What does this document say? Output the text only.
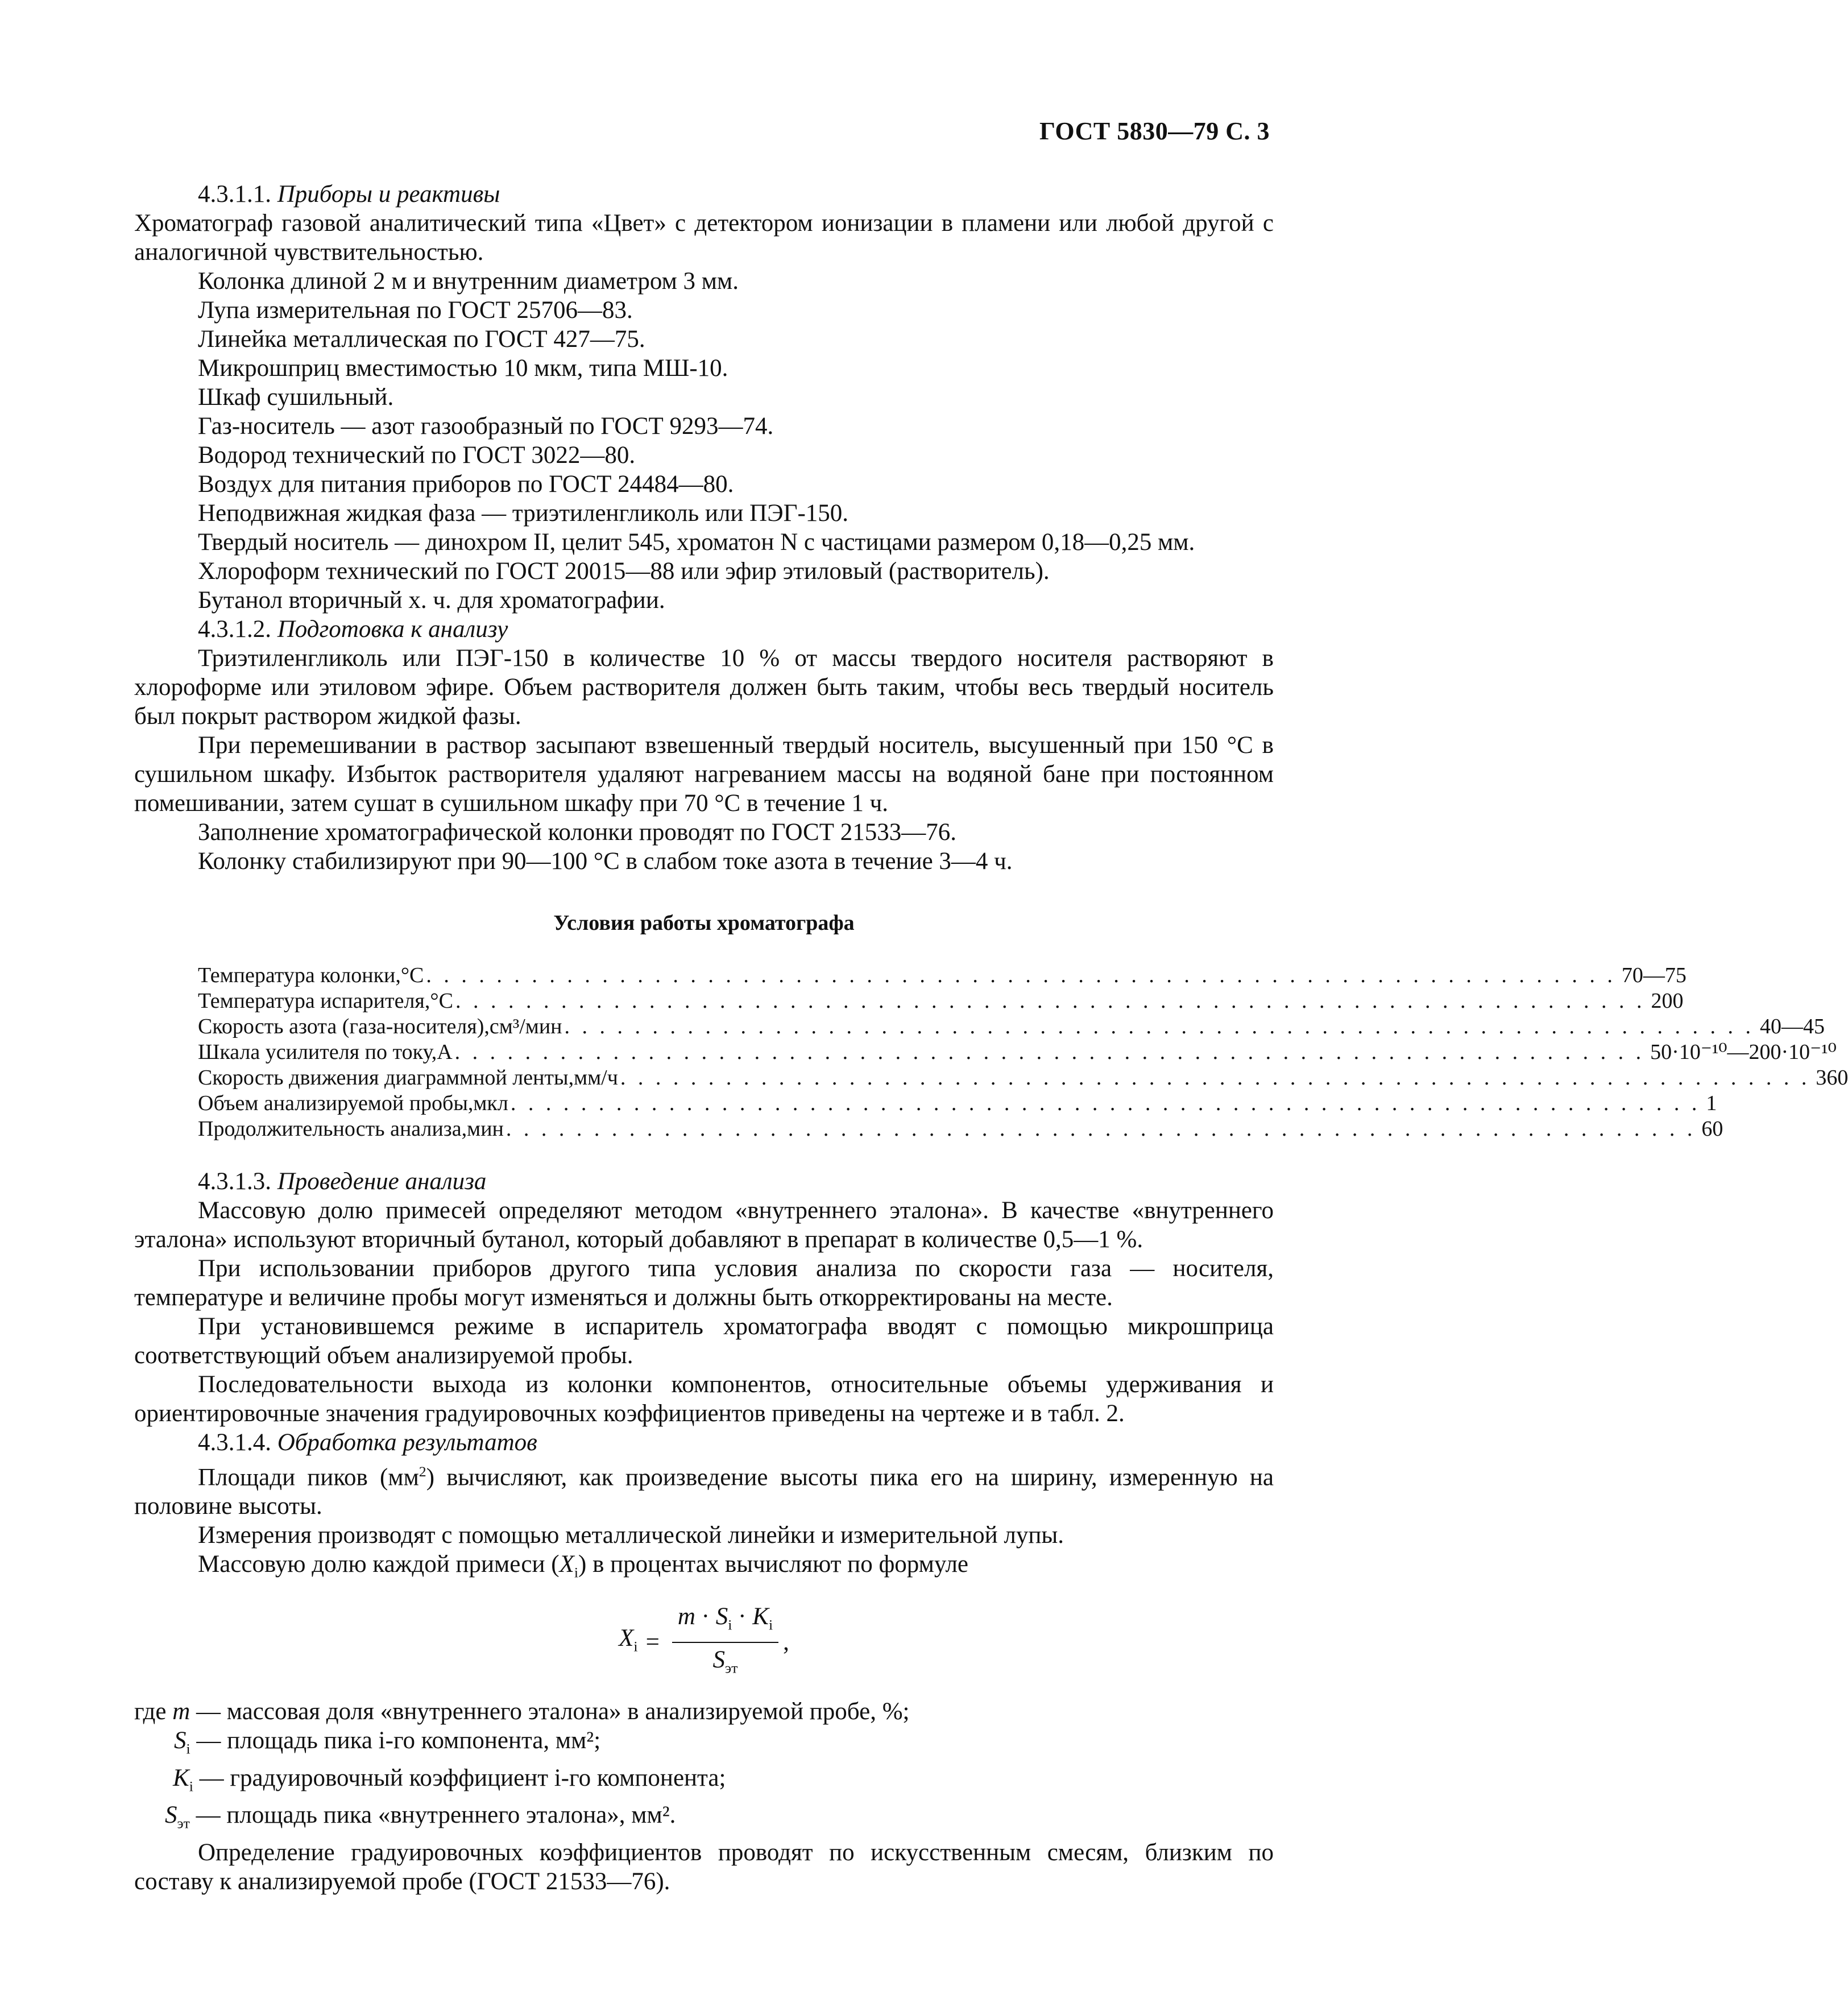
ГОСТ 5830—79 С. 3

4.3.1.1. Приборы и реактивы

Хроматограф газовой аналитический типа «Цвет» с детектором ионизации в пламени или любой другой с аналогичной чувствительностью.

Колонка длиной 2 м и внутренним диаметром 3 мм.

Лупа измерительная по ГОСТ 25706—83.

Линейка металлическая по ГОСТ 427—75.

Микрошприц вместимостью 10 мкм, типа МШ-10.

Шкаф сушильный.

Газ-носитель — азот газообразный по ГОСТ 9293—74.

Водород технический по ГОСТ 3022—80.

Воздух для питания приборов по ГОСТ 24484—80.

Неподвижная жидкая фаза — триэтиленгликоль или ПЭГ-150.

Твердый носитель — динохром II, целит 545, хроматон N с частицами размером 0,18—0,25 мм.

Хлороформ технический по ГОСТ 20015—88 или эфир этиловый (растворитель).

Бутанол вторичный х. ч. для хроматографии.

4.3.1.2. Подготовка к анализу

Триэтиленгликоль или ПЭГ-150 в количестве 10 % от массы твердого носителя растворяют в хлороформе или этиловом эфире. Объем растворителя должен быть таким, чтобы весь твердый носитель был покрыт раствором жидкой фазы.

При перемешивании в раствор засыпают взвешенный твердый носитель, высушенный при 150 °С в сушильном шкафу. Избыток растворителя удаляют нагреванием массы на водяной бане при постоянном помешивании, затем сушат в сушильном шкафу при 70 °С в течение 1 ч.

Заполнение хроматографической колонки проводят по ГОСТ 21533—76.

Колонку стабилизируют при 90—100 °С в слабом токе азота в течение 3—4 ч.

Условия работы хроматографа
Температура колонки,°С . . . . . . . . . . . . . . . . . . . . . . . . . . . . . . . . . . . . . . . . . . . . . . . . . . . . . . . . . . . . . . . . . . . . 70—75
Температура испарителя,°С . . . . . . . . . . . . . . . . . . . . . . . . . . . . . . . . . . . . . . . . . . . . . . . . . . . . . . . . . . . . . . . . . . . . 200
Скорость азота (газа-носителя),см³/мин . . . . . . . . . . . . . . . . . . . . . . . . . . . . . . . . . . . . . . . . . . . . . . . . . . . . . . . . . . . . . . . . . . . . 40—45
Шкала усилителя по току,А . . . . . . . . . . . . . . . . . . . . . . . . . . . . . . . . . . . . . . . . . . . . . . . . . . . . . . . . . . . . . . . . . . . . 50·10⁻¹⁰—200·10⁻¹⁰
Скорость движения диаграммной ленты,мм/ч . . . . . . . . . . . . . . . . . . . . . . . . . . . . . . . . . . . . . . . . . . . . . . . . . . . . . . . . . . . . . . . . . . . . 360
Объем анализируемой пробы,мкл . . . . . . . . . . . . . . . . . . . . . . . . . . . . . . . . . . . . . . . . . . . . . . . . . . . . . . . . . . . . . . . . . . . . 1
Продолжительность анализа,мин . . . . . . . . . . . . . . . . . . . . . . . . . . . . . . . . . . . . . . . . . . . . . . . . . . . . . . . . . . . . . . . . . . . . 60

4.3.1.3. Проведение анализа

Массовую долю примесей определяют методом «внутреннего эталона». В качестве «внутреннего эталона» используют вторичный бутанол, который добавляют в препарат в количестве 0,5—1 %.

При использовании приборов другого типа условия анализа по скорости газа — носителя, температуре и величине пробы могут изменяться и должны быть откорректированы на месте.

При установившемся режиме в испаритель хроматографа вводят с помощью микрошприца соответствующий объем анализируемой пробы.

Последовательности выхода из колонки компонентов, относительные объемы удерживания и ориентировочные значения градуировочных коэффициентов приведены на чертеже и в табл. 2.

4.3.1.4. Обработка результатов

Площади пиков $(мм^2)$ вычисляют, как произведение высоты пика его на ширину, измеренную на половине высоты.

Измерения производят с помощью металлической линейки и измерительной лупы.

Массовую долю каждой примеси $(X_i)$ в процентах вычисляют по формуле

$X_i = \frac{m \cdot S_i \cdot K_i}{S_{эт}}$ ,

где m — массовая доля «внутреннего эталона» в анализируемой пробе, %;

$S_i$ — площадь пика i-го компонента, мм²;

$K_i$ — градуировочный коэффициент i-го компонента;

$S_{эт}$ — площадь пика «внутреннего эталона», мм².

Определение градуировочных коэффициентов проводят по искусственным смесям, близким по составу к анализируемой пробе (ГОСТ 21533—76).
